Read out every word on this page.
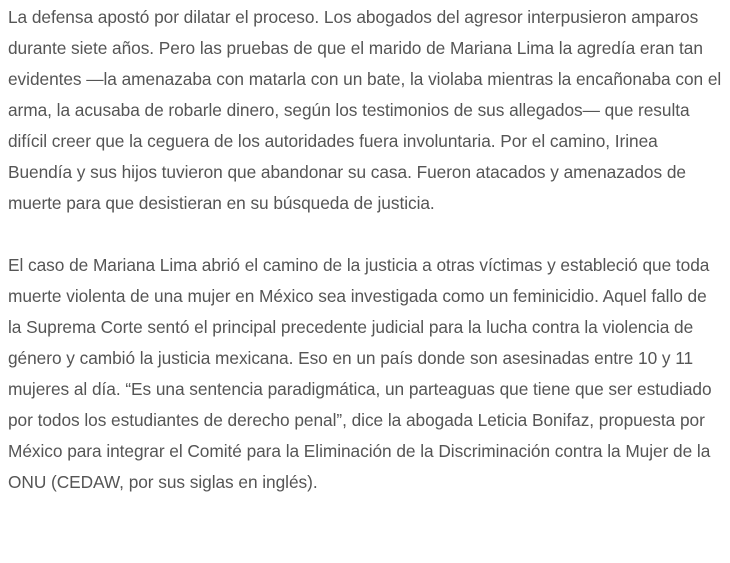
La defensa apostó por dilatar el proceso. Los abogados del agresor interpusieron amparos durante siete años. Pero las pruebas de que el marido de Mariana Lima la agredía eran tan evidentes —la amenazaba con matarla con un bate, la violaba mientras la encañonaba con el arma, la acusaba de robarle dinero, según los testimonios de sus allegados— que resulta difícil creer que la ceguera de los autoridades fuera involuntaria. Por el camino, Irinea Buendía y sus hijos tuvieron que abandonar su casa. Fueron atacados y amenazados de muerte para que desistieran en su búsqueda de justicia.

El caso de Mariana Lima abrió el camino de la justicia a otras víctimas y estableció que toda muerte violenta de una mujer en México sea investigada como un feminicidio. Aquel fallo de la Suprema Corte sentó el principal precedente judicial para la lucha contra la violencia de género y cambió la justicia mexicana. Eso en un país donde son asesinadas entre 10 y 11 mujeres al día. “Es una sentencia paradigmática, un parteaguas que tiene que ser estudiado por todos los estudiantes de derecho penal”, dice la abogada Leticia Bonifaz, propuesta por México para integrar el Comité para la Eliminación de la Discriminación contra la Mujer de la ONU (CEDAW, por sus siglas en inglés).
